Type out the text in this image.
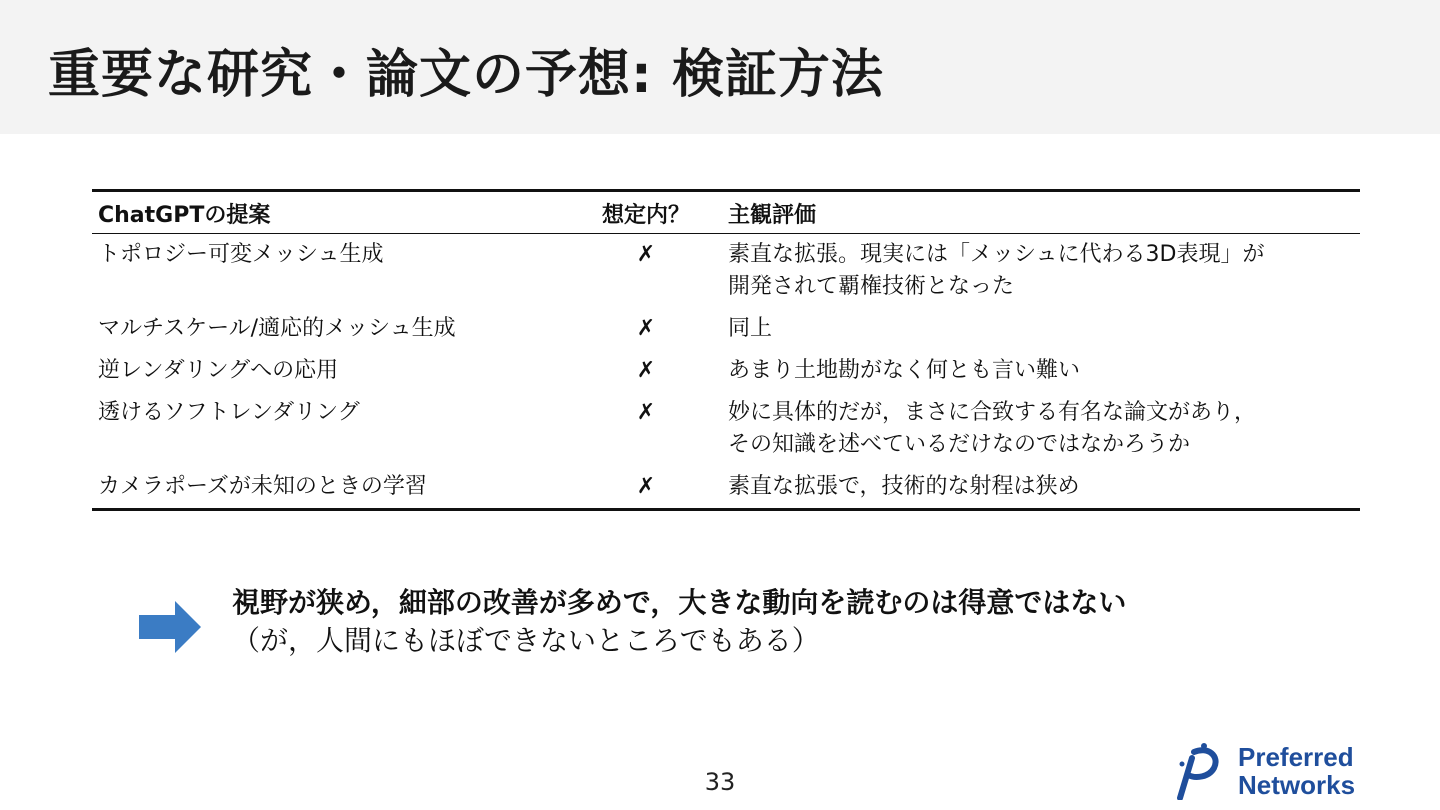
重要な研究・論文の予想: 検証方法
ChatGPTの提案	想定内？	主観評価
トポロジー可変メッシュ生成	✗	素直な拡張。現実には「メッシュに代わる3D表現」が
開発されて覇権技術となった

マルチスケール/適応的メッシュ生成	✗	同上

逆レンダリングへの応用	✗	あまり土地勘がなく何とも言い難い

透けるソフトレンダリング	✗	妙に具体的だが，まさに合致する有名な論文があり，
その知識を述べているだけなのではなかろうか

カメラポーズが未知のときの学習	✗	素直な拡張で，技術的な射程は狭め
視野が狭め，細部の改善が多めで，大きな動向を読むのは得意ではない
（が，人間にもほぼできないところでもある）
33
Preferred
Networks
